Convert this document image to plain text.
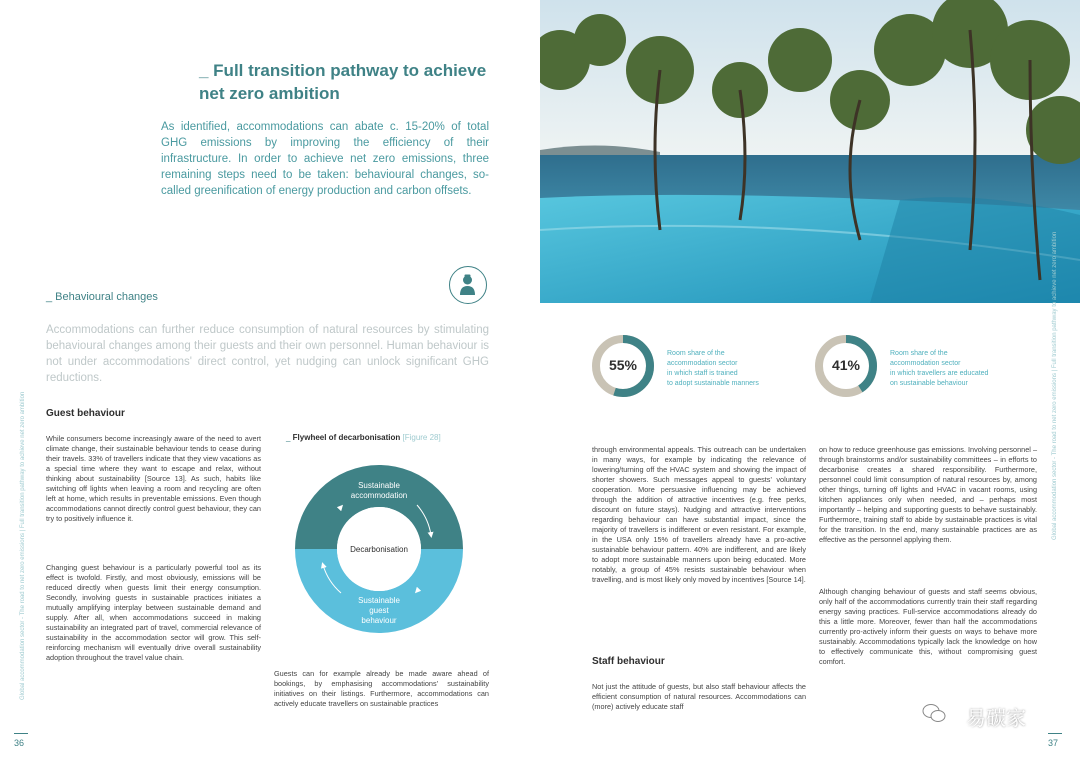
_ Full transition pathway to achieve
net zero ambition
As identified, accommodations can abate c. 15-20% of total GHG emissions by improving the efficiency of their infrastructure. In order to achieve net zero emissions, three remaining steps need to be taken: behavioural changes, so-called greenification of energy production and carbon offsets.
_ Behavioural changes
Accommodations can further reduce consumption of natural resources by stimulating behavioural changes among their guests and their own personnel. Human behaviour is not under accommodations' direct control, yet nudging can unlock significant GHG reductions.
Guest behaviour
While consumers become increasingly aware of the need to avert climate change, their sustainable behaviour tends to cease during their travels. 33% of travellers indicate that they view vacations as a special time where they want to escape and relax, without thinking about sustainability [Source 13]. As such, habits like switching off lights when leaving a room and recycling are often left at home, which results in preventable emissions. Even though accommodations cannot directly control guest behaviour, they can try to positively influence it.
Changing guest behaviour is a particularly powerful tool as its effect is twofold. Firstly, and most obviously, emissions will be reduced directly when guests limit their energy consumption. Secondly, involving guests in sustainable practices initiates a mutually amplifying interplay between sustainable demand and supply. After all, when accommodations succeed in making sustainability an integrated part of travel, commercial relevance of sustainability in the accommodation sector will grow. This self-reinforcing mechanism will eventually drive overall sustainability adoption throughout the travel value chain.
_ Flywheel of decarbonisation [Figure 28]
Sustainable
accommodation
Decarbonisation
Sustainable
guest
behaviour
Guests can for example already be made aware ahead of bookings, by emphasising accommodations' sustainability initiatives on their listings. Furthermore, accommodations can actively educate travellers on sustainable practices
Global accommodation sector - The road to net zero emissions | Full transition pathway to achieve net zero ambition
36
55%
Room share of the
accommodation sector
in which staff is trained
to adopt sustainable manners
41%
Room share of the
accommodation sector
in which travellers are educated
on sustainable behaviour
through environmental appeals. This outreach can be undertaken in many ways, for example by indicating the relevance of lowering/turning off the HVAC system and showing the impact of shorter showers. Such messages appeal to guests' voluntary cooperation. More persuasive influencing may be achieved through the addition of attractive incentives (e.g. free perks, discount on future stays). Nudging and attractive interventions regarding behaviour can have substantial impact, since the majority of travellers is indifferent or even resistant. For example, in the USA only 15% of travellers already have a pro-active sustainable behaviour pattern. 40% are indifferent, and are likely to adopt more sustainable manners upon being educated. More notably, a group of 45% resists sustainable behaviour when travelling, and is most likely only moved by incentives [Source 14].
Staff behaviour
Not just the attitude of guests, but also staff behaviour affects the efficient consumption of natural resources. Accommodations can (more) actively educate staff
on how to reduce greenhouse gas emissions. Involving personnel – through brainstorms and/or sustainability committees – in efforts to decarbonise creates a shared responsibility. Furthermore, personnel could limit consumption of natural resources by, among other things, turning off lights and HVAC in vacant rooms, using kitchen appliances only when needed, and – perhaps most importantly – helping and supporting guests to behave sustainably. Furthermore, training staff to abide by sustainable practices is vital for the transition. In the end, many sustainable practices are as effective as the personnel applying them.
Although changing behaviour of guests and staff seems obvious, only half of the accommodations currently train their staff regarding energy saving practices. Full-service accommodations already do this a little more. Moreover, fewer than half the accommodations currently pro-actively inform their guests on ways to behave more sustainably. Accommodations typically lack the knowledge on how to effectively communicate this, without compromising guest comfort.
Global accommodation sector - The road to net zero emissions | Full transition pathway to achieve net zero ambition
37
易碳家
